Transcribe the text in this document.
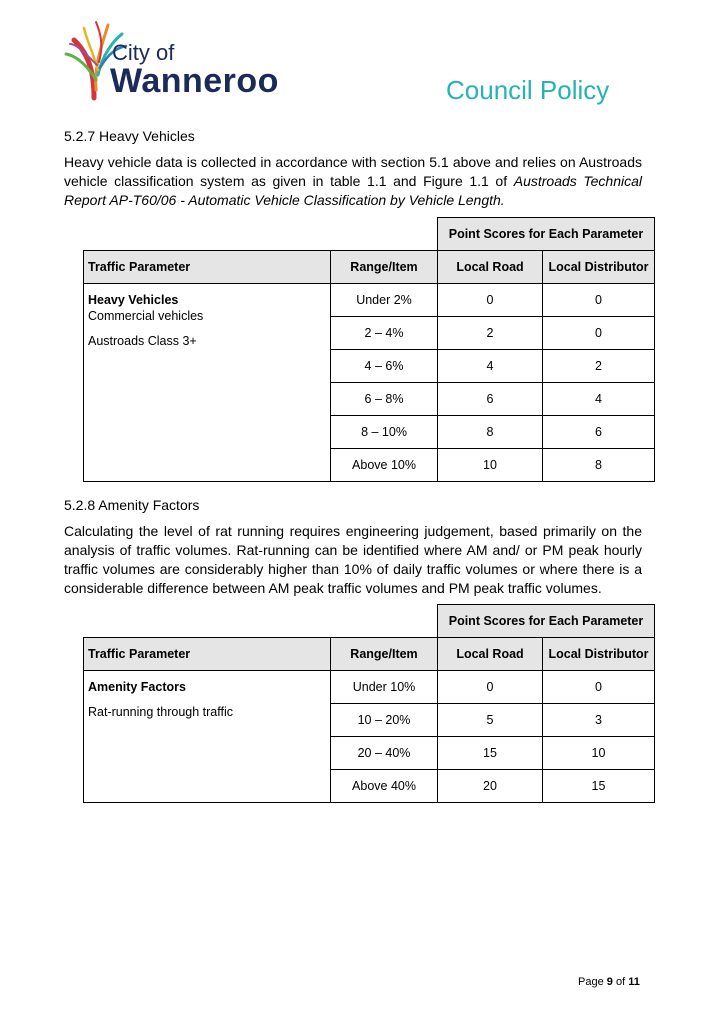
City of
Wanneroo	Council Policy
5.2.7 Heavy Vehicles
Heavy vehicle data is collected in accordance with section 5.1 above and relies on Austroads vehicle classification system as given in table 1.1 and Figure 1.1 of Austroads Technical Report AP-T60/06 - Automatic Vehicle Classification by Vehicle Length.
		Point Scores for Each Parameter	
Traffic Parameter	Range/Item	Local Road	Local Distributor

Heavy Vehicles
Commercial vehicles
Austroads Class 3+	Under 2%	0	0
	2 – 4%	2	0
	4 – 6%	4	2
	6 – 8%	6	4
	8 – 10%	8	6
	Above 10%	10	8
5.2.8 Amenity Factors
Calculating the level of rat running requires engineering judgement, based primarily on the analysis of traffic volumes. Rat-running can be identified where AM and/ or PM peak hourly traffic volumes are considerably higher than 10% of daily traffic volumes or where there is a considerable difference between AM peak traffic volumes and PM peak traffic volumes.
		Point Scores for Each Parameter	
Traffic Parameter	Range/Item	Local Road	Local Distributor

Amenity Factors
Rat-running through traffic	Under 10%	0	0
	10 – 20%	5	3
	20 – 40%	15	10
	Above 40%	20	15
Page 9 of 11
